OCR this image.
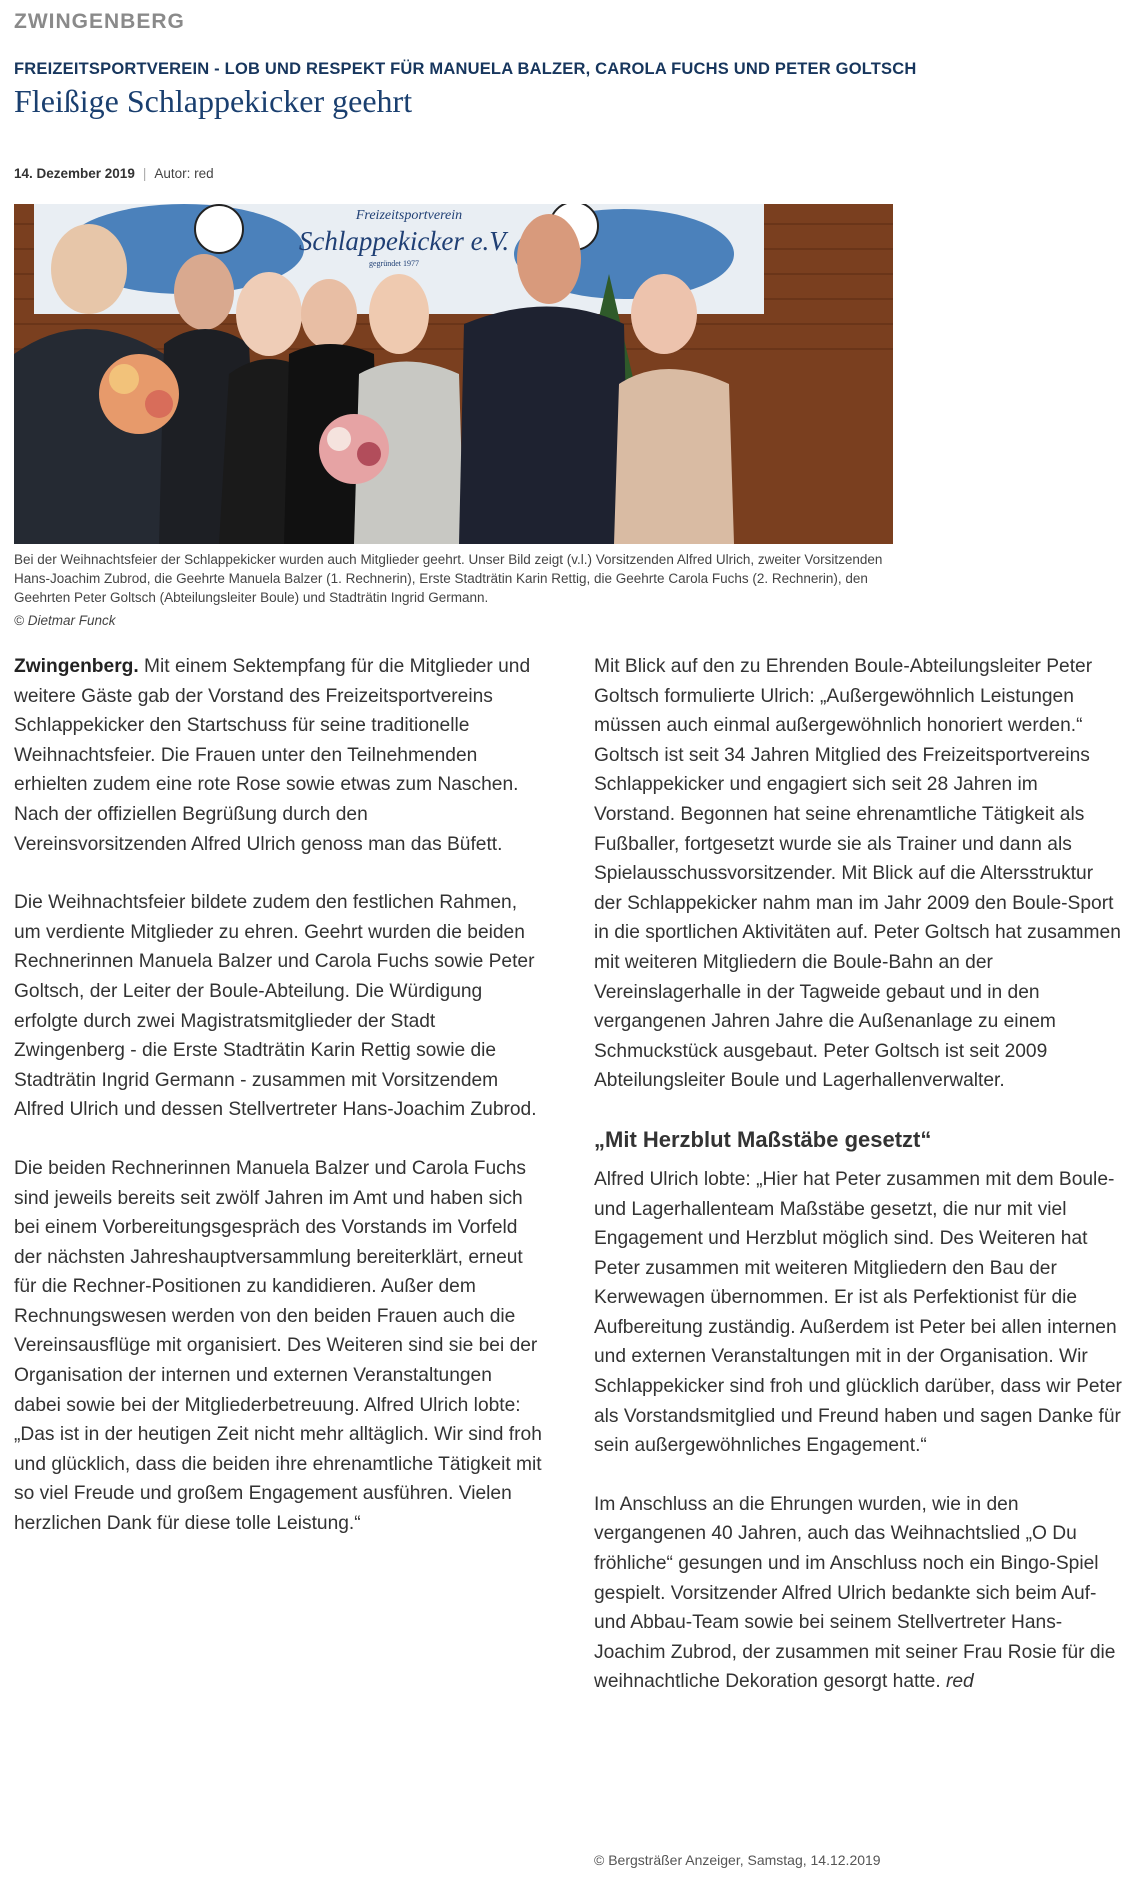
ZWINGENBERG
FREIZEITSPORTVEREIN - LOB UND RESPEKT FÜR MANUELA BALZER, CAROLA FUCHS UND PETER GOLTSCH
Fleißige Schlappekicker geehrt
14. Dezember 2019 | Autor: red
Freizeitsportverein
Schlappekicker e.V.
gegründet 1977
Bei der Weihnachtsfeier der Schlappekicker wurden auch Mitglieder geehrt. Unser Bild zeigt (v.l.) Vorsitzenden Alfred Ulrich, zweiter Vorsitzenden Hans-Joachim Zubrod, die Geehrte Manuela Balzer (1. Rechnerin), Erste Stadträtin Karin Rettig, die Geehrte Carola Fuchs (2. Rechnerin), den Geehrten Peter Goltsch (Abteilungsleiter Boule) und Stadträtin Ingrid Germann.
© Dietmar Funck

Zwingenberg. Mit einem Sektempfang für die Mitglieder und weitere Gäste gab der Vorstand des Freizeitsportvereins Schlappekicker den Startschuss für seine traditionelle Weihnachtsfeier. Die Frauen unter den Teilnehmenden erhielten zudem eine rote Rose sowie etwas zum Naschen. Nach der offiziellen Begrüßung durch den Vereinsvorsitzenden Alfred Ulrich genoss man das Büfett.

Die Weihnachtsfeier bildete zudem den festlichen Rahmen, um verdiente Mitglieder zu ehren. Geehrt wurden die beiden Rechnerinnen Manuela Balzer und Carola Fuchs sowie Peter Goltsch, der Leiter der Boule-Abteilung. Die Würdigung erfolgte durch zwei Magistratsmitglieder der Stadt Zwingenberg - die Erste Stadträtin Karin Rettig sowie die Stadträtin Ingrid Germann - zusammen mit Vorsitzendem Alfred Ulrich und dessen Stellvertreter Hans-Joachim Zubrod.

Die beiden Rechnerinnen Manuela Balzer und Carola Fuchs sind jeweils bereits seit zwölf Jahren im Amt und haben sich bei einem Vorbereitungsgespräch des Vorstands im Vorfeld der nächsten Jahreshauptversammlung bereiterklärt, erneut für die Rechner-Positionen zu kandidieren. Außer dem Rechnungswesen werden von den beiden Frauen auch die Vereinsausflüge mit organisiert. Des Weiteren sind sie bei der Organisation der internen und externen Veranstaltungen dabei sowie bei der Mitgliederbetreuung. Alfred Ulrich lobte: „Das ist in der heutigen Zeit nicht mehr alltäglich. Wir sind froh und glücklich, dass die beiden ihre ehrenamtliche Tätigkeit mit so viel Freude und großem Engagement ausführen. Vielen herzlichen Dank für diese tolle Leistung.“

Mit Blick auf den zu Ehrenden Boule-Abteilungsleiter Peter Goltsch formulierte Ulrich: „Außergewöhnlich Leistungen müssen auch einmal außergewöhnlich honoriert werden.“ Goltsch ist seit 34 Jahren Mitglied des Freizeitsportvereins Schlappekicker und engagiert sich seit 28 Jahren im Vorstand. Begonnen hat seine ehrenamtliche Tätigkeit als Fußballer, fortgesetzt wurde sie als Trainer und dann als Spielausschussvorsitzender. Mit Blick auf die Altersstruktur der Schlappekicker nahm man im Jahr 2009 den Boule-Sport in die sportlichen Aktivitäten auf. Peter Goltsch hat zusammen mit weiteren Mitgliedern die Boule-Bahn an der Vereinslagerhalle in der Tagweide gebaut und in den vergangenen Jahren Jahre die Außenanlage zu einem Schmuckstück ausgebaut. Peter Goltsch ist seit 2009 Abteilungsleiter Boule und Lagerhallenverwalter.

„Mit Herzblut Maßstäbe gesetzt“

Alfred Ulrich lobte: „Hier hat Peter zusammen mit dem Boule- und Lagerhallenteam Maßstäbe gesetzt, die nur mit viel Engagement und Herzblut möglich sind. Des Weiteren hat Peter zusammen mit weiteren Mitgliedern den Bau der Kerwewagen übernommen. Er ist als Perfektionist für die Aufbereitung zuständig. Außerdem ist Peter bei allen internen und externen Veranstaltungen mit in der Organisation. Wir Schlappekicker sind froh und glücklich darüber, dass wir Peter als Vorstandsmitglied und Freund haben und sagen Danke für sein außergewöhnliches Engagement.“

Im Anschluss an die Ehrungen wurden, wie in den vergangenen 40 Jahren, auch das Weihnachtslied „O Du fröhliche“ gesungen und im Anschluss noch ein Bingo-Spiel gespielt. Vorsitzender Alfred Ulrich bedankte sich beim Auf- und Abbau-Team sowie bei seinem Stellvertreter Hans-Joachim Zubrod, der zusammen mit seiner Frau Rosie für die weihnachtliche Dekoration gesorgt hatte. red

© Bergsträßer Anzeiger, Samstag, 14.12.2019
